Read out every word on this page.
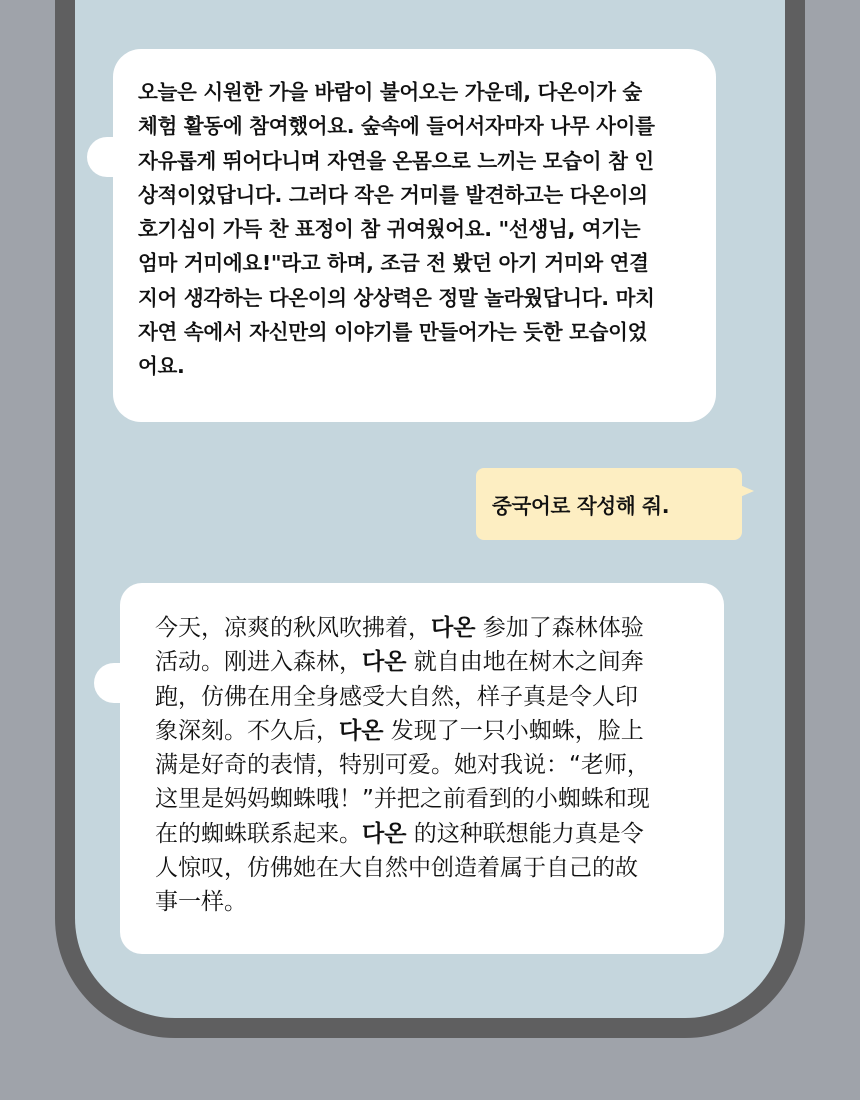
오늘은 시원한 가을 바람이 불어오는 가운데, 다온이가 숲
체험 활동에 참여했어요. 숲속에 들어서자마자 나무 사이를
자유롭게 뛰어다니며 자연을 온몸으로 느끼는 모습이 참 인
상적이었답니다. 그러다 작은 거미를 발견하고는 다온이의
호기심이 가득 찬 표정이 참 귀여웠어요. "선생님, 여기는
엄마 거미에요!"라고 하며, 조금 전 봤던 아기 거미와 연결
지어 생각하는 다온이의 상상력은 정말 놀라웠답니다. 마치
자연 속에서 자신만의 이야기를 만들어가는 듯한 모습이었
어요.
중국어로 작성해 줘.
今天，凉爽的秋风吹拂着，다온 参加了森林体验
活动。刚进入森林，다온 就自由地在树木之间奔
跑，仿佛在用全身感受大自然，样子真是令人印
象深刻。不久后，다온 发现了一只小蜘蛛，脸上
满是好奇的表情，特别可爱。她对我说：“老师，
这里是妈妈蜘蛛哦！”并把之前看到的小蜘蛛和现
在的蜘蛛联系起来。다온 的这种联想能力真是令
人惊叹，仿佛她在大自然中创造着属于自己的故
事一样。
